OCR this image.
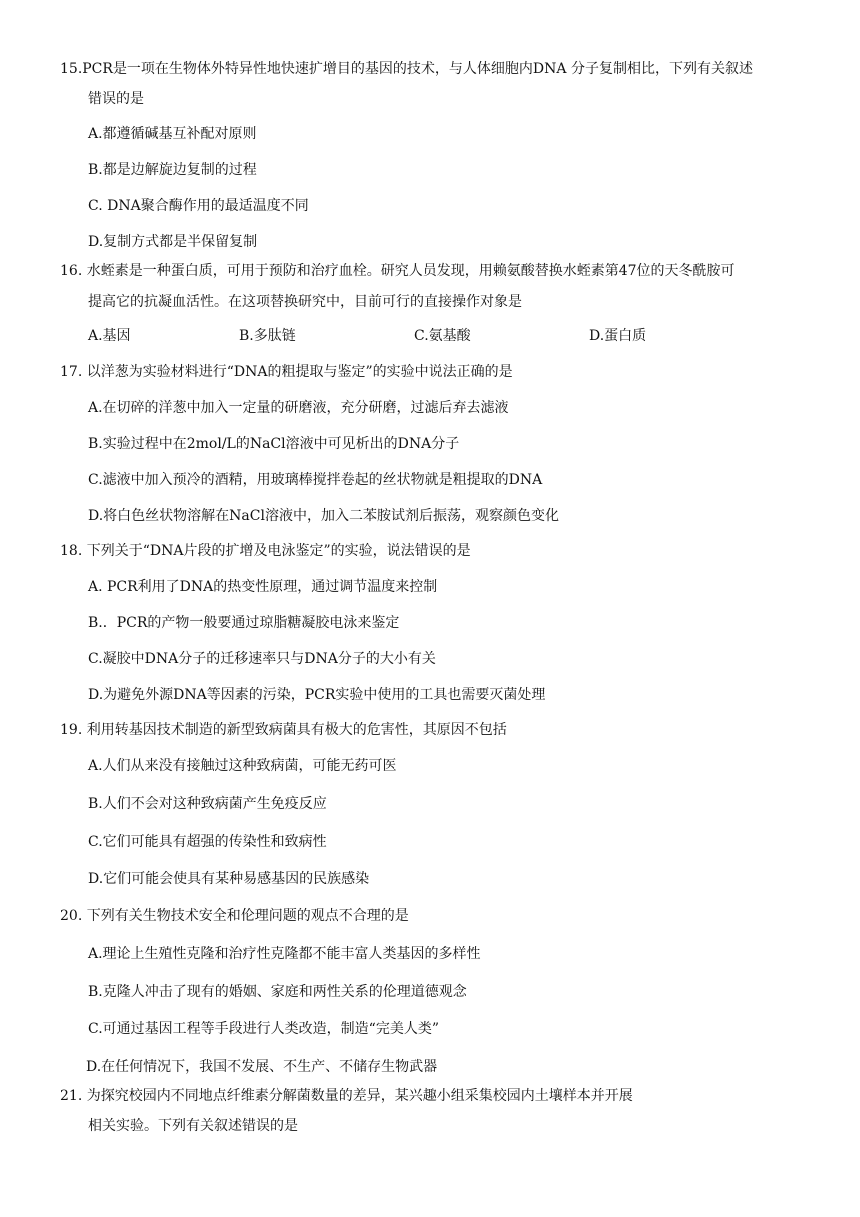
15.PCR是一项在生物体外特异性地快速扩增目的基因的技术，与人体细胞内DNA 分子复制相比，下列有关叙述
错误的是
A.都遵循碱基互补配对原则
B.都是边解旋边复制的过程
C. DNA聚合酶作用的最适温度不同
D.复制方式都是半保留复制
16. 水蛭素是一种蛋白质，可用于预防和治疗血栓。研究人员发现，用赖氨酸替换水蛭素第47位的天冬酰胺可
提高它的抗凝血活性。在这项替换研究中，目前可行的直接操作对象是
A.基因	B.多肽链	C.氨基酸	D.蛋白质
17. 以洋葱为实验材料进行“DNA的粗提取与鉴定”的实验中说法正确的是
A.在切碎的洋葱中加入一定量的研磨液，充分研磨，过滤后弃去滤液
B.实验过程中在2mol/L的NaCl溶液中可见析出的DNA分子
C.滤液中加入预冷的酒精，用玻璃棒搅拌卷起的丝状物就是粗提取的DNA
D.将白色丝状物溶解在NaCl溶液中，加入二苯胺试剂后振荡，观察颜色变化
18. 下列关于“DNA片段的扩增及电泳鉴定”的实验，说法错误的是
A. PCR利用了DNA的热变性原理，通过调节温度来控制
B.．PCR的产物一般要通过琼脂糖凝胶电泳来鉴定
C.凝胶中DNA分子的迁移速率只与DNA分子的大小有关
D.为避免外源DNA等因素的污染，PCR实验中使用的工具也需要灭菌处理
19. 利用转基因技术制造的新型致病菌具有极大的危害性，其原因不包括
A.人们从来没有接触过这种致病菌，可能无药可医
B.人们不会对这种致病菌产生免疫反应
C.它们可能具有超强的传染性和致病性
D.它们可能会使具有某种易感基因的民族感染
20. 下列有关生物技术安全和伦理问题的观点不合理的是
A.理论上生殖性克隆和治疗性克隆都不能丰富人类基因的多样性
B.克隆人冲击了现有的婚姻、家庭和两性关系的伦理道德观念
C.可通过基因工程等手段进行人类改造，制造“完美人类”
D.在任何情况下，我国不发展、不生产、不储存生物武器
21. 为探究校园内不同地点纤维素分解菌数量的差异，某兴趣小组采集校园内土壤样本并开展
相关实验。下列有关叙述错误的是
